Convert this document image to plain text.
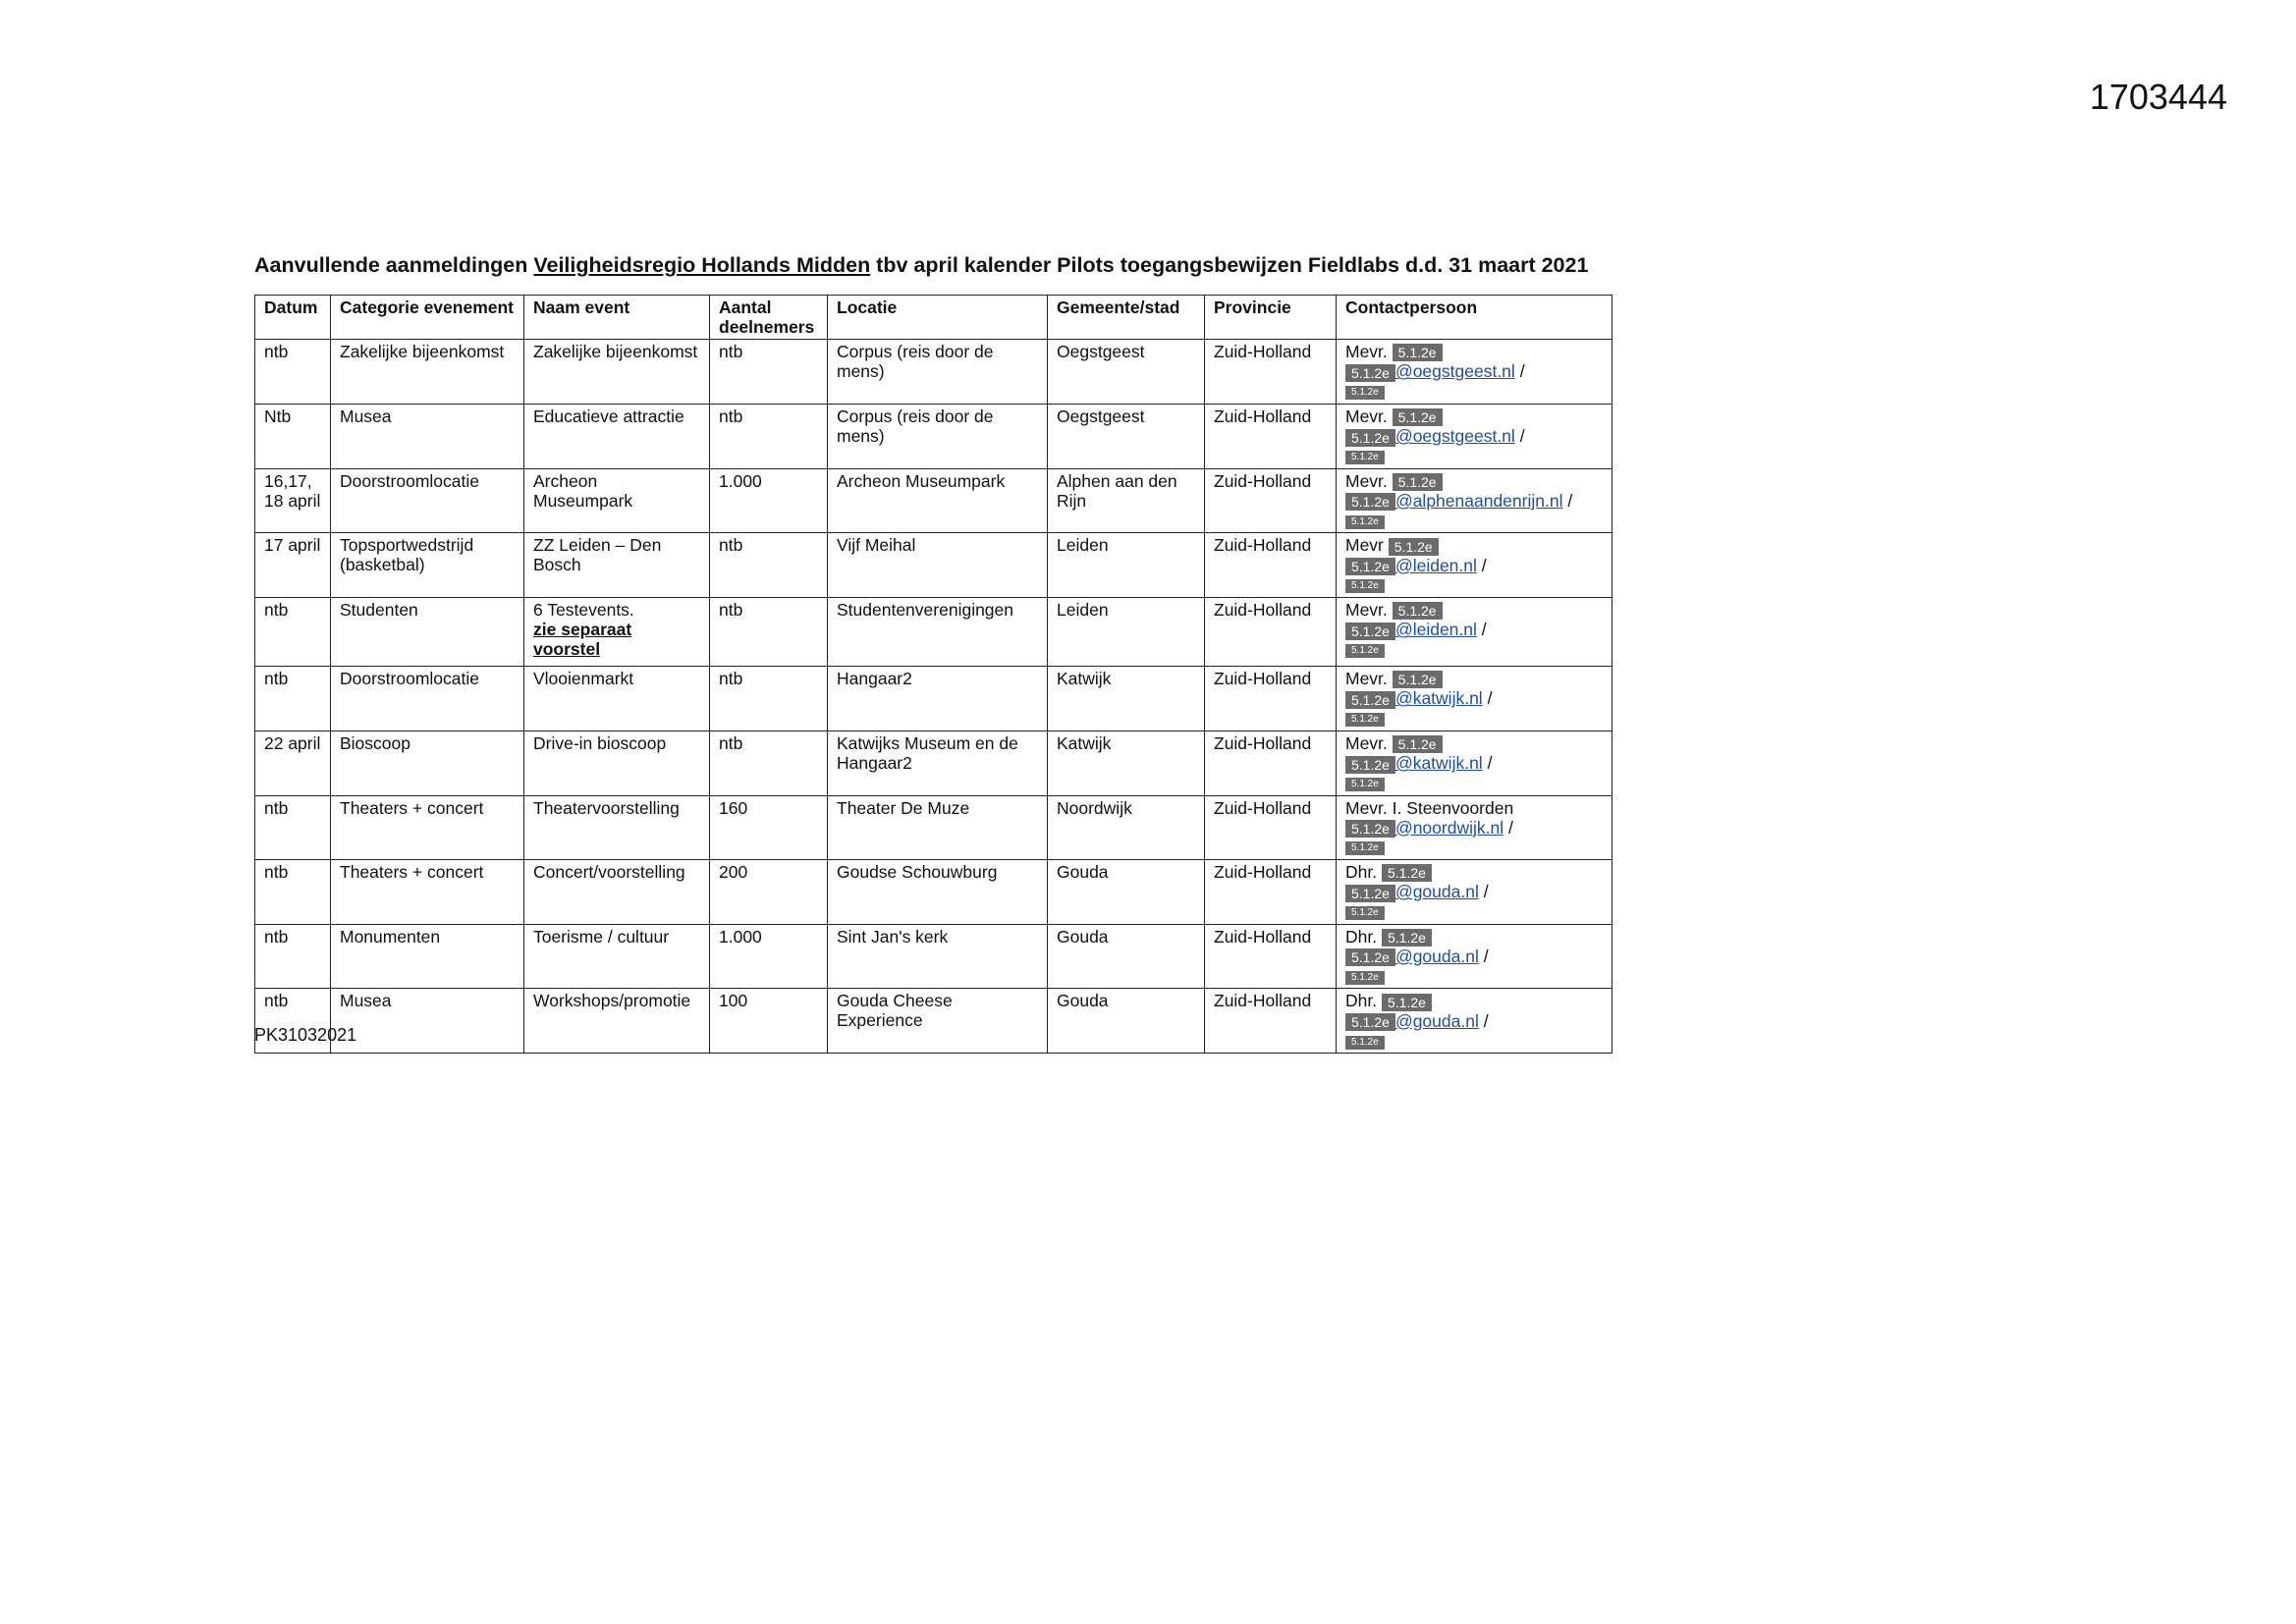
1703444
Aanvullende aanmeldingen Veiligheidsregio Hollands Midden tbv april kalender Pilots toegangsbewijzen Fieldlabs d.d. 31 maart 2021
Datum	Categorie evenement	Naam event	Aantal deelnemers	Locatie	Gemeente/stad	Provincie	Contactpersoon
ntb	Zakelijke bijeenkomst	Zakelijke bijeenkomst	ntb	Corpus (reis door de mens)	Oegstgeest	Zuid-Holland	Mevr. 5.1.2e
5.1.2e @oegstgeest.nl /
5.1.2e

Ntb	Musea	Educatieve attractie	ntb	Corpus (reis door de mens)	Oegstgeest	Zuid-Holland	Mevr. 5.1.2e
5.1.2e @oegstgeest.nl /
5.1.2e

16,17, 18 april	Doorstroomlocatie	Archeon Museumpark	1.000	Archeon Museumpark	Alphen aan den Rijn	Zuid-Holland	Mevr. 5.1.2e
5.1.2e @alphenaandenrijn.nl /
5.1.2e

17 april	Topsportwedstrijd (basketbal)	ZZ Leiden – Den Bosch	ntb	Vijf Meihal	Leiden	Zuid-Holland	Mevr 5.1.2e
5.1.2e @leiden.nl /
5.1.2e

ntb	Studenten	6 Testevents.
zie separaat voorstel	ntb	Studentenverenigingen	Leiden	Zuid-Holland	Mevr. 5.1.2e
5.1.2e @leiden.nl /
5.1.2e

ntb	Doorstroomlocatie	Vlooienmarkt	ntb	Hangaar2	Katwijk	Zuid-Holland	Mevr. 5.1.2e
5.1.2e @katwijk.nl /
5.1.2e

22 april	Bioscoop	Drive-in bioscoop	ntb	Katwijks Museum en de Hangaar2	Katwijk	Zuid-Holland	Mevr. 5.1.2e
5.1.2e @katwijk.nl /
5.1.2e

ntb	Theaters + concert	Theatervoorstelling	160	Theater De Muze	Noordwijk	Zuid-Holland	Mevr. I. Steenvoorden
5.1.2e @noordwijk.nl /
5.1.2e

ntb	Theaters + concert	Concert/voorstelling	200	Goudse Schouwburg	Gouda	Zuid-Holland	Dhr. 5.1.2e
5.1.2e @gouda.nl /
5.1.2e

ntb	Monumenten	Toerisme / cultuur	1.000	Sint Jan's kerk	Gouda	Zuid-Holland	Dhr. 5.1.2e
5.1.2e @gouda.nl /
5.1.2e

ntb	Musea	Workshops/promotie	100	Gouda Cheese Experience	Gouda	Zuid-Holland	Dhr. 5.1.2e
5.1.2e @gouda.nl /
5.1.2e
PK31032021
